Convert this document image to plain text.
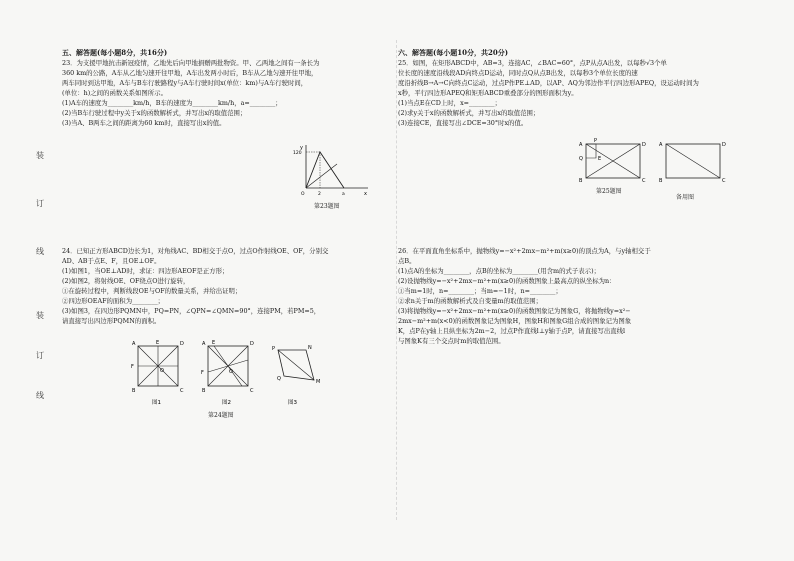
装
订
线
装
订
线

五、解答题(每小题8分，共16分)

23．为支援甲地抗击新冠疫情，乙地先后向甲地捐赠两批物资。甲、乙两地之间有一条长为

360 km的公路，A车从乙地匀速开往甲地，A车出发两小时后，B车从乙地匀速开往甲地，

两车同时到达甲地，A车与B车行驶路程y与A车行驶时间x(单位：km)与A车行驶时间，

(单位：h)之间的函数关系如图所示。

(1)A车的速度为________km/h，B车的速度为________km/h，a=________；

(2)当B车行驶过程中y关于x的函数解析式，并写出x的取值范围；

(3)当A、B两车之间的距离为60 km时，直接写出x的值。

y
120
x
O	2	a
第23题图

24．已知正方形ABCD边长为1，对角线AC、BD相交于点O，过点O作射线OE、OF，分别交

AD、AB于点E、F，且OE⊥OF。

(1)如图1，当OE⊥AD时，求证：四边形AEOF是正方形；

(2)如图2，将射线OE、OF绕点O进行旋转，

①在旋转过程中，判断线段OE与OF的数量关系，并给出证明；

②四边形OEAF的面积为________；

(3)如图3，在四边形PQMN中，PQ=PN，∠QPN=∠QMN=90°，连接PM，若PM=5，

请直接写出四边形PQMN的面积。

A	D
B	C
E
F
O
A	D
B	C
E
F	O
P	N
M
Q
图1	图2	图3
第24题图

六、解答题(每小题10分，共20分)

25．如图，在矩形ABCD中，AB=3，连接AC，∠BAC=60°，点P从点A出发，以每秒√3个单

位长度的速度沿线段AD向终点D运动，同时点Q从点B出发，以每秒3个单位长度的速

度沿折线B→A→C向终点C运动，过点P作PE⊥AD，以AP、AQ为邻边作平行四边形APEQ，设运动时间为

x秒，平行四边形APEQ和矩形ABCD重叠部分的图形面积为y。

(1)当点E在CD上时，x=________；

(2)求y关于x的函数解析式，并写出x的取值范围；

(3)连接CE，直接写出∠DCE=30°时x的值。

A
P
D
Q	E
B	C
A	D
B	C
第25题图
备用图

26．在平面直角坐标系中，抛物线y=−x²+2mx−m²+m(x≥0)的顶点为A，与y轴相交于

点B。

(1)点A的坐标为________，点B的坐标为________(用含m的式子表示)；

(2)设抛物线y=−x²+2mx−m²+m(x≥0)的函数图象上最高点的纵坐标为n：

①当m=1时，n=________；当m=−1时，n=________；

②求n关于m的函数解析式及自变量m的取值范围；

(3)将抛物线y=−x²+2mx−m²+m(x≥0)的函数图象记为图象G，将抛物线y=x²−

2mx−m²+m(x<0)的函数图象记为图象H，图象H和图象G组合成的图象记为图象

K，点P在y轴上且纵坐标为2m−2，过点P作直线l⊥y轴于点P，请直接写出直线l

与图象K有三个交点时m的取值范围。
